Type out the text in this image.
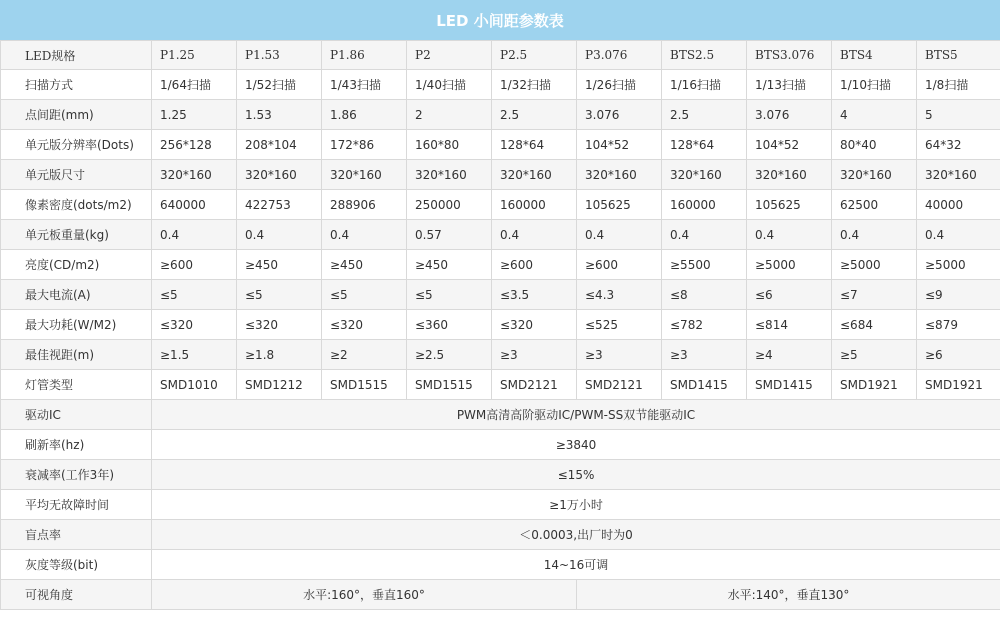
LED 小间距参数表
LED规格	P1.25	P1.53	P1.86	P2	P2.5	P3.076	BTS2.5	BTS3.076	BTS4	BTS5
扫描方式	1/64扫描	1/52扫描	1/43扫描	1/40扫描	1/32扫描	1/26扫描	1/16扫描	1/13扫描	1/10扫描	1/8扫描
点间距(mm)	1.25	1.53	1.86	2	2.5	3.076	2.5	3.076	4	5
单元版分辨率(Dots)	256*128	208*104	172*86	160*80	128*64	104*52	128*64	104*52	80*40	64*32
单元版尺寸	320*160	320*160	320*160	320*160	320*160	320*160	320*160	320*160	320*160	320*160
像素密度(dots/m2)	640000	422753	288906	250000	160000	105625	160000	105625	62500	40000
单元板重量(kg)	0.4	0.4	0.4	0.57	0.4	0.4	0.4	0.4	0.4	0.4
亮度(CD/m2)	≥600	≥450	≥450	≥450	≥600	≥600	≥5500	≥5000	≥5000	≥5000
最大电流(A)	≤5	≤5	≤5	≤5	≤3.5	≤4.3	≤8	≤6	≤7	≤9
最大功耗(W/M2)	≤320	≤320	≤320	≤360	≤320	≤525	≤782	≤814	≤684	≤879
最佳视距(m)	≥1.5	≥1.8	≥2	≥2.5	≥3	≥3	≥3	≥4	≥5	≥6
灯管类型	SMD1010	SMD1212	SMD1515	SMD1515	SMD2121	SMD2121	SMD1415	SMD1415	SMD1921	SMD1921
驱动IC	PWM高清高阶驱动IC/PWM-SS双节能驱动IC									
刷新率(hz)	≥3840									
衰减率(工作3年)	≤15%									
平均无故障时间	≥1万小时									
盲点率	＜0.0003,出厂时为0									
灰度等级(bit)	14~16可调									
可视角度	水平:160°，垂直160°					水平:140°，垂直130°				
